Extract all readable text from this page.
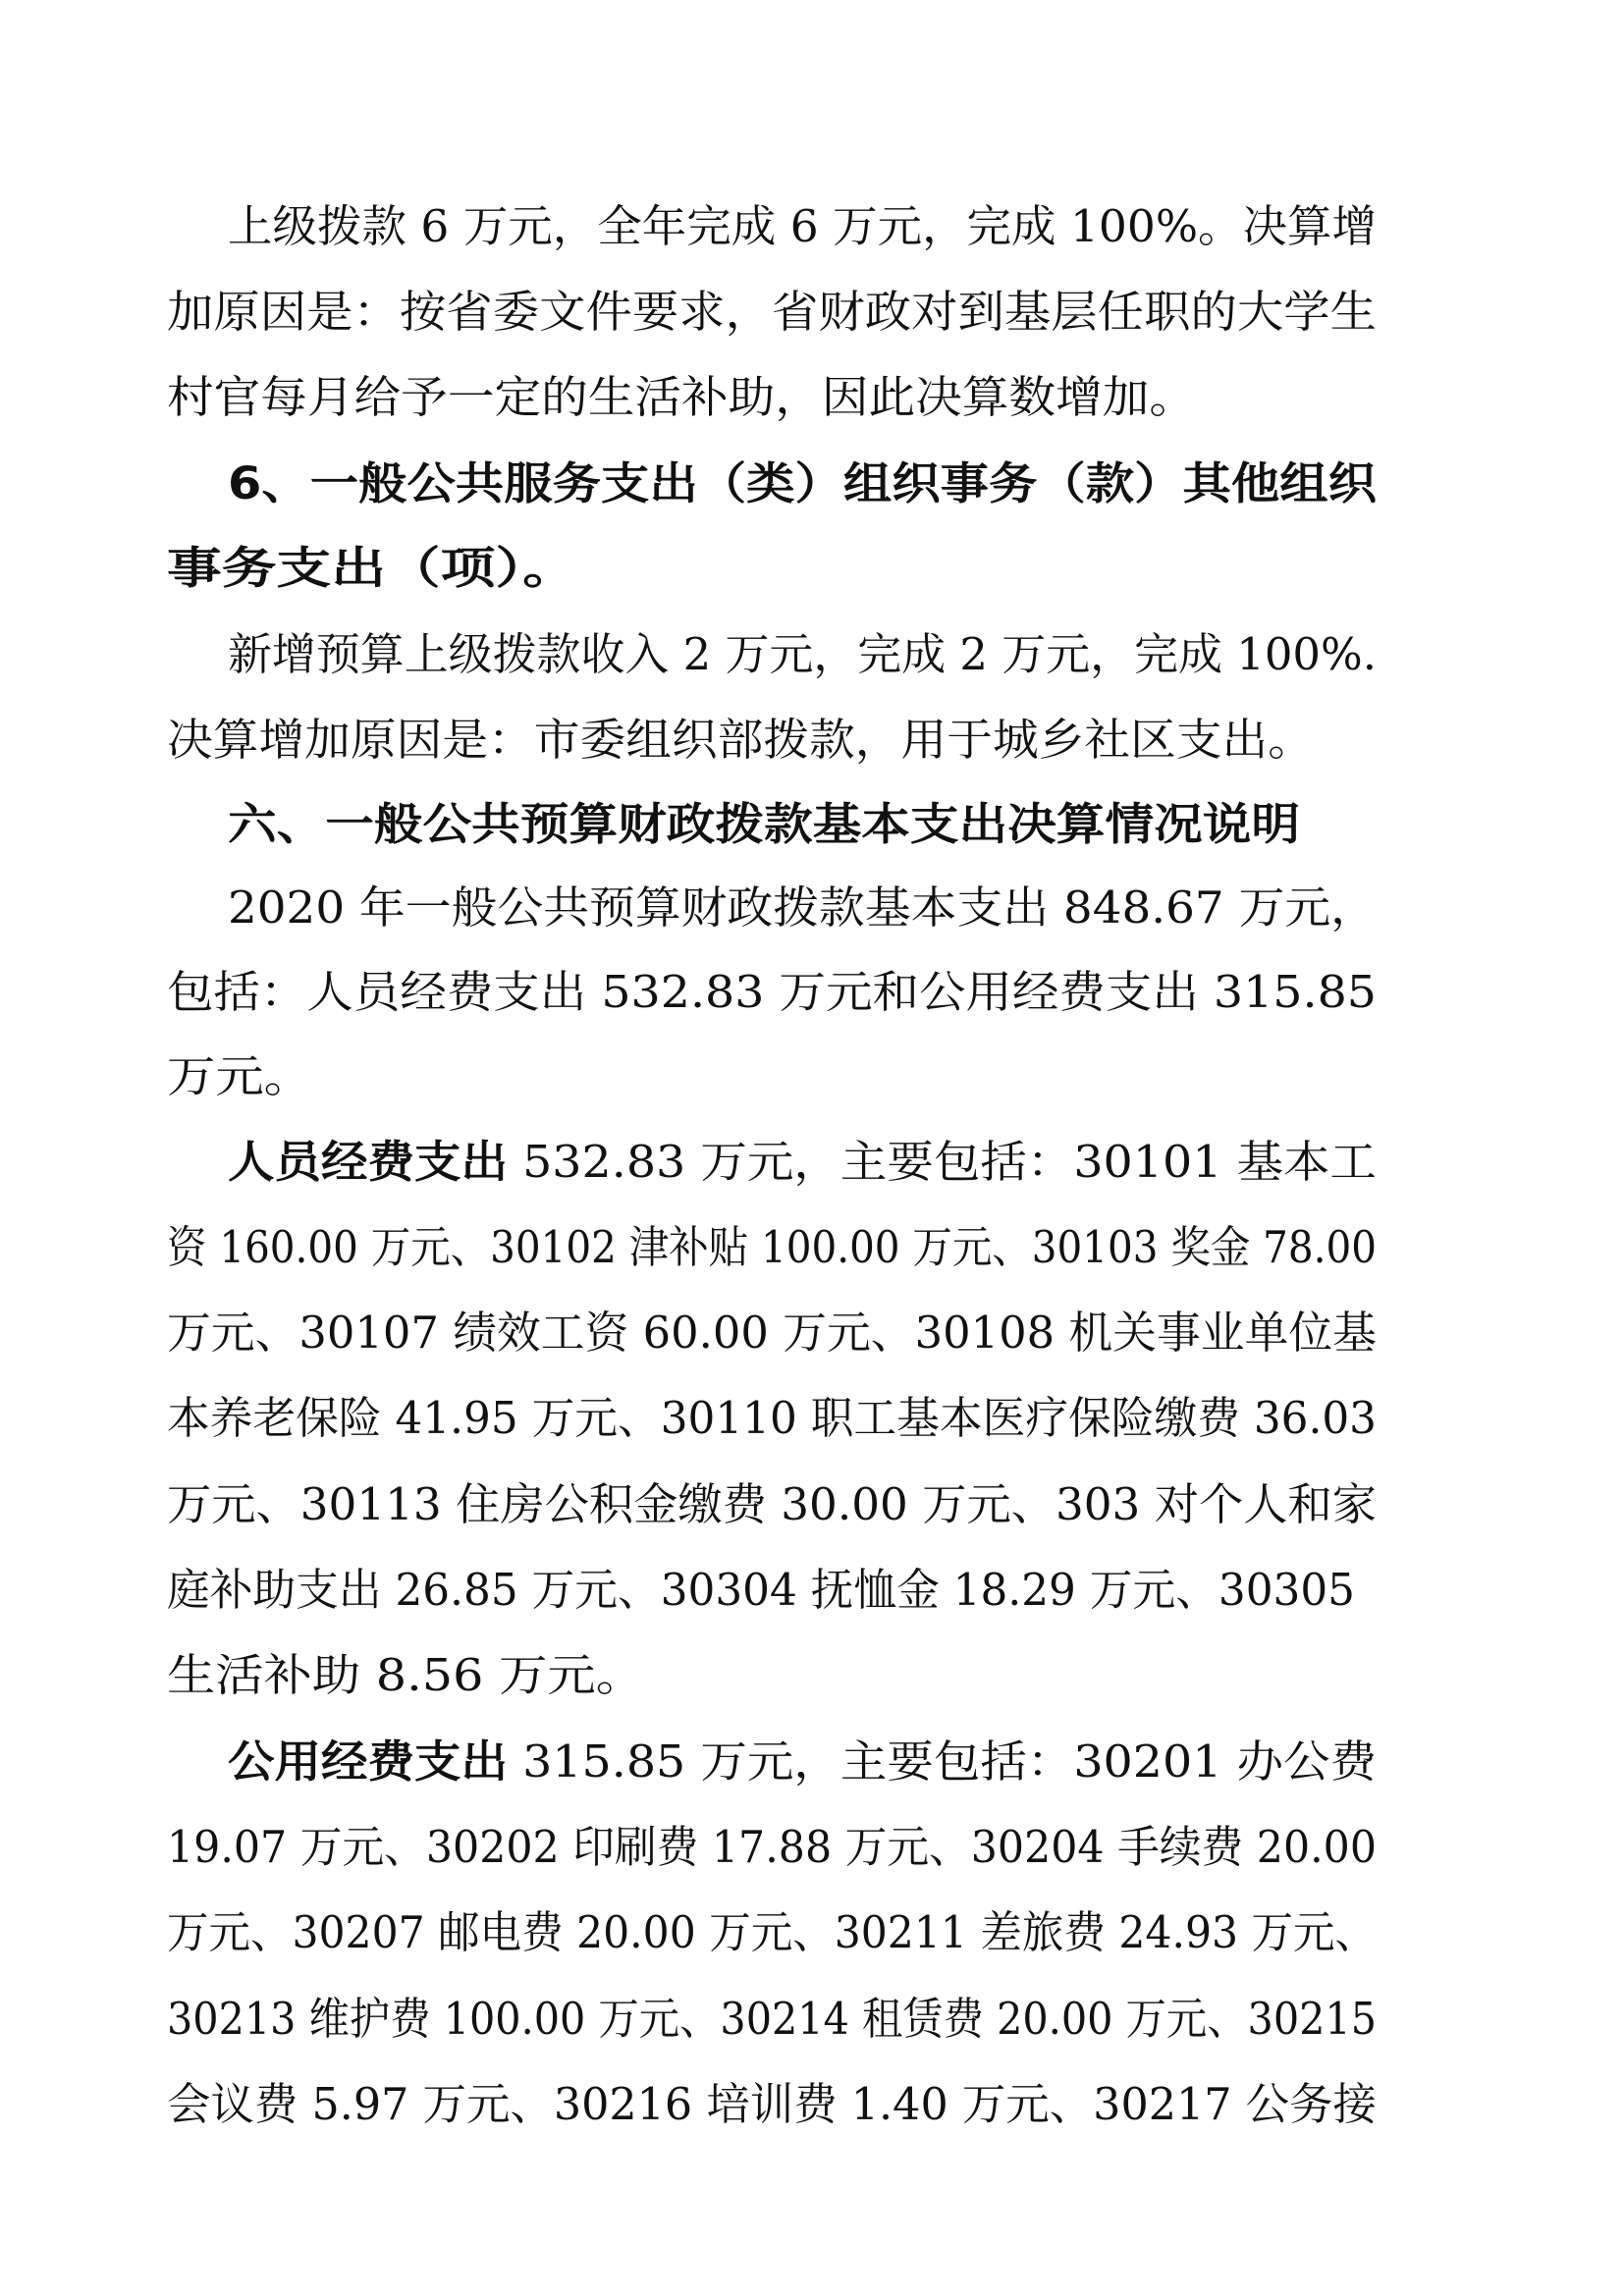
上级拨款 6 万元，全年完成 6 万元，完成 100%。决算增
加原因是：按省委文件要求，省财政对到基层任职的大学生
村官每月给予一定的生活补助，因此决算数增加。
6、一般公共服务支出（类）组织事务（款）其他组织
事务支出（项）。
新增预算上级拨款收入 2 万元，完成 2 万元，完成 100%.
决算增加原因是：市委组织部拨款，用于城乡社区支出。
六、一般公共预算财政拨款基本支出决算情况说明
2020 年一般公共预算财政拨款基本支出 848.67 万元，
包括：人员经费支出 532.83 万元和公用经费支出 315.85
万元。
人员经费支出 532.83 万元，主要包括：30101 基本工
资 160.00 万元、30102 津补贴 100.00 万元、30103 奖金 78.00
万元、30107 绩效工资 60.00 万元、30108 机关事业单位基
本养老保险 41.95 万元、30110 职工基本医疗保险缴费 36.03
万元、30113 住房公积金缴费 30.00 万元、303 对个人和家
庭补助支出 26.85 万元、30304 抚恤金 18.29 万元、30305
生活补助 8.56 万元。
公用经费支出 315.85 万元，主要包括：30201 办公费
19.07 万元、30202 印刷费 17.88 万元、30204 手续费 20.00
万元、30207 邮电费 20.00 万元、30211 差旅费 24.93 万元、
30213 维护费 100.00 万元、30214 租赁费 20.00 万元、30215
会议费 5.97 万元、30216 培训费 1.40 万元、30217 公务接
